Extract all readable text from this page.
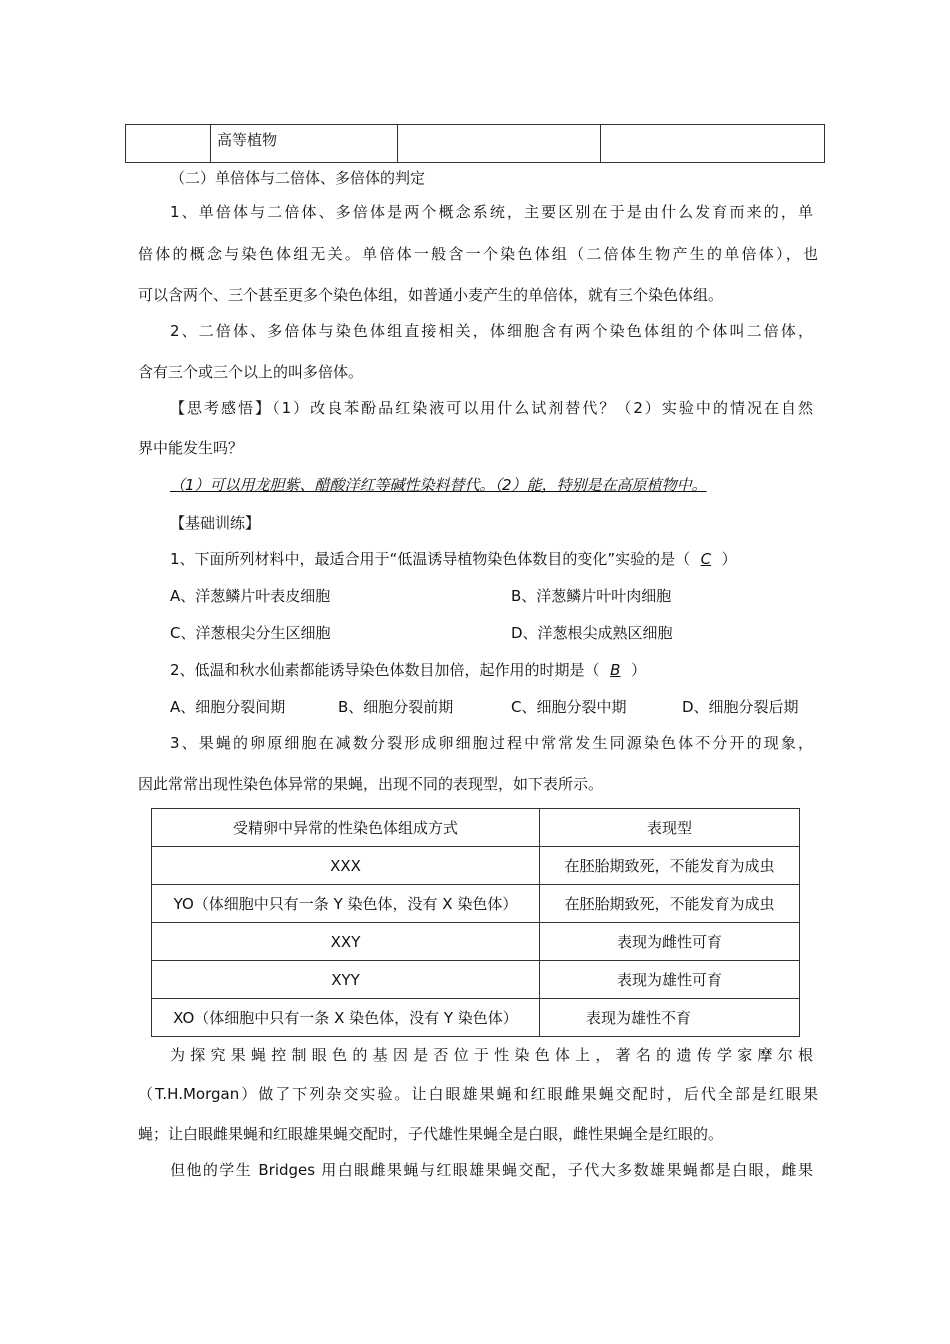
	高等植物		
（二）单倍体与二倍体、多倍体的判定
1、单倍体与二倍体、多倍体是两个概念系统，主要区别在于是由什么发育而来的，单
倍体的概念与染色体组无关。单倍体一般含一个染色体组（二倍体生物产生的单倍体），也
可以含两个、三个甚至更多个染色体组，如普通小麦产生的单倍体，就有三个染色体组。
2、二倍体、多倍体与染色体组直接相关，体细胞含有两个染色体组的个体叫二倍体，
含有三个或三个以上的叫多倍体。
【思考感悟】（1）改良苯酚品红染液可以用什么试剂替代？（2）实验中的情况在自然
界中能发生吗？
（1）可以用龙胆紫、醋酸洋红等碱性染料替代。（2）能，特别是在高原植物中。
【基础训练】
1、下面所列材料中，最适合用于“低温诱导植物染色体数目的变化”实验的是（ C ）
A、洋葱鳞片叶表皮细胞	B、洋葱鳞片叶叶肉细胞
C、洋葱根尖分生区细胞	D、洋葱根尖成熟区细胞
2、低温和秋水仙素都能诱导染色体数目加倍，起作用的时期是（ B ）
A、细胞分裂间期	B、细胞分裂前期	C、细胞分裂中期	D、细胞分裂后期
3、果蝇的卵原细胞在减数分裂形成卵细胞过程中常常发生同源染色体不分开的现象，
因此常常出现性染色体异常的果蝇，出现不同的表现型，如下表所示。
受精卵中异常的性染色体组成方式	表现型
XXX	在胚胎期致死，不能发育为成虫
YO（体细胞中只有一条 Y 染色体，没有 X 染色体）	在胚胎期致死，不能发育为成虫
XXY	表现为雌性可育
XYY	表现为雄性可育
XO（体细胞中只有一条 X 染色体，没有 Y 染色体）	表现为雄性不育
为探究果蝇控制眼色的基因是否位于性染色体上，著名的遗传学家摩尔根
（T.H.Morgan）做了下列杂交实验。让白眼雄果蝇和红眼雌果蝇交配时，后代全部是红眼果
蝇；让白眼雌果蝇和红眼雄果蝇交配时，子代雄性果蝇全是白眼，雌性果蝇全是红眼的。
但他的学生 Bridges 用白眼雌果蝇与红眼雄果蝇交配，子代大多数雄果蝇都是白眼，雌果
